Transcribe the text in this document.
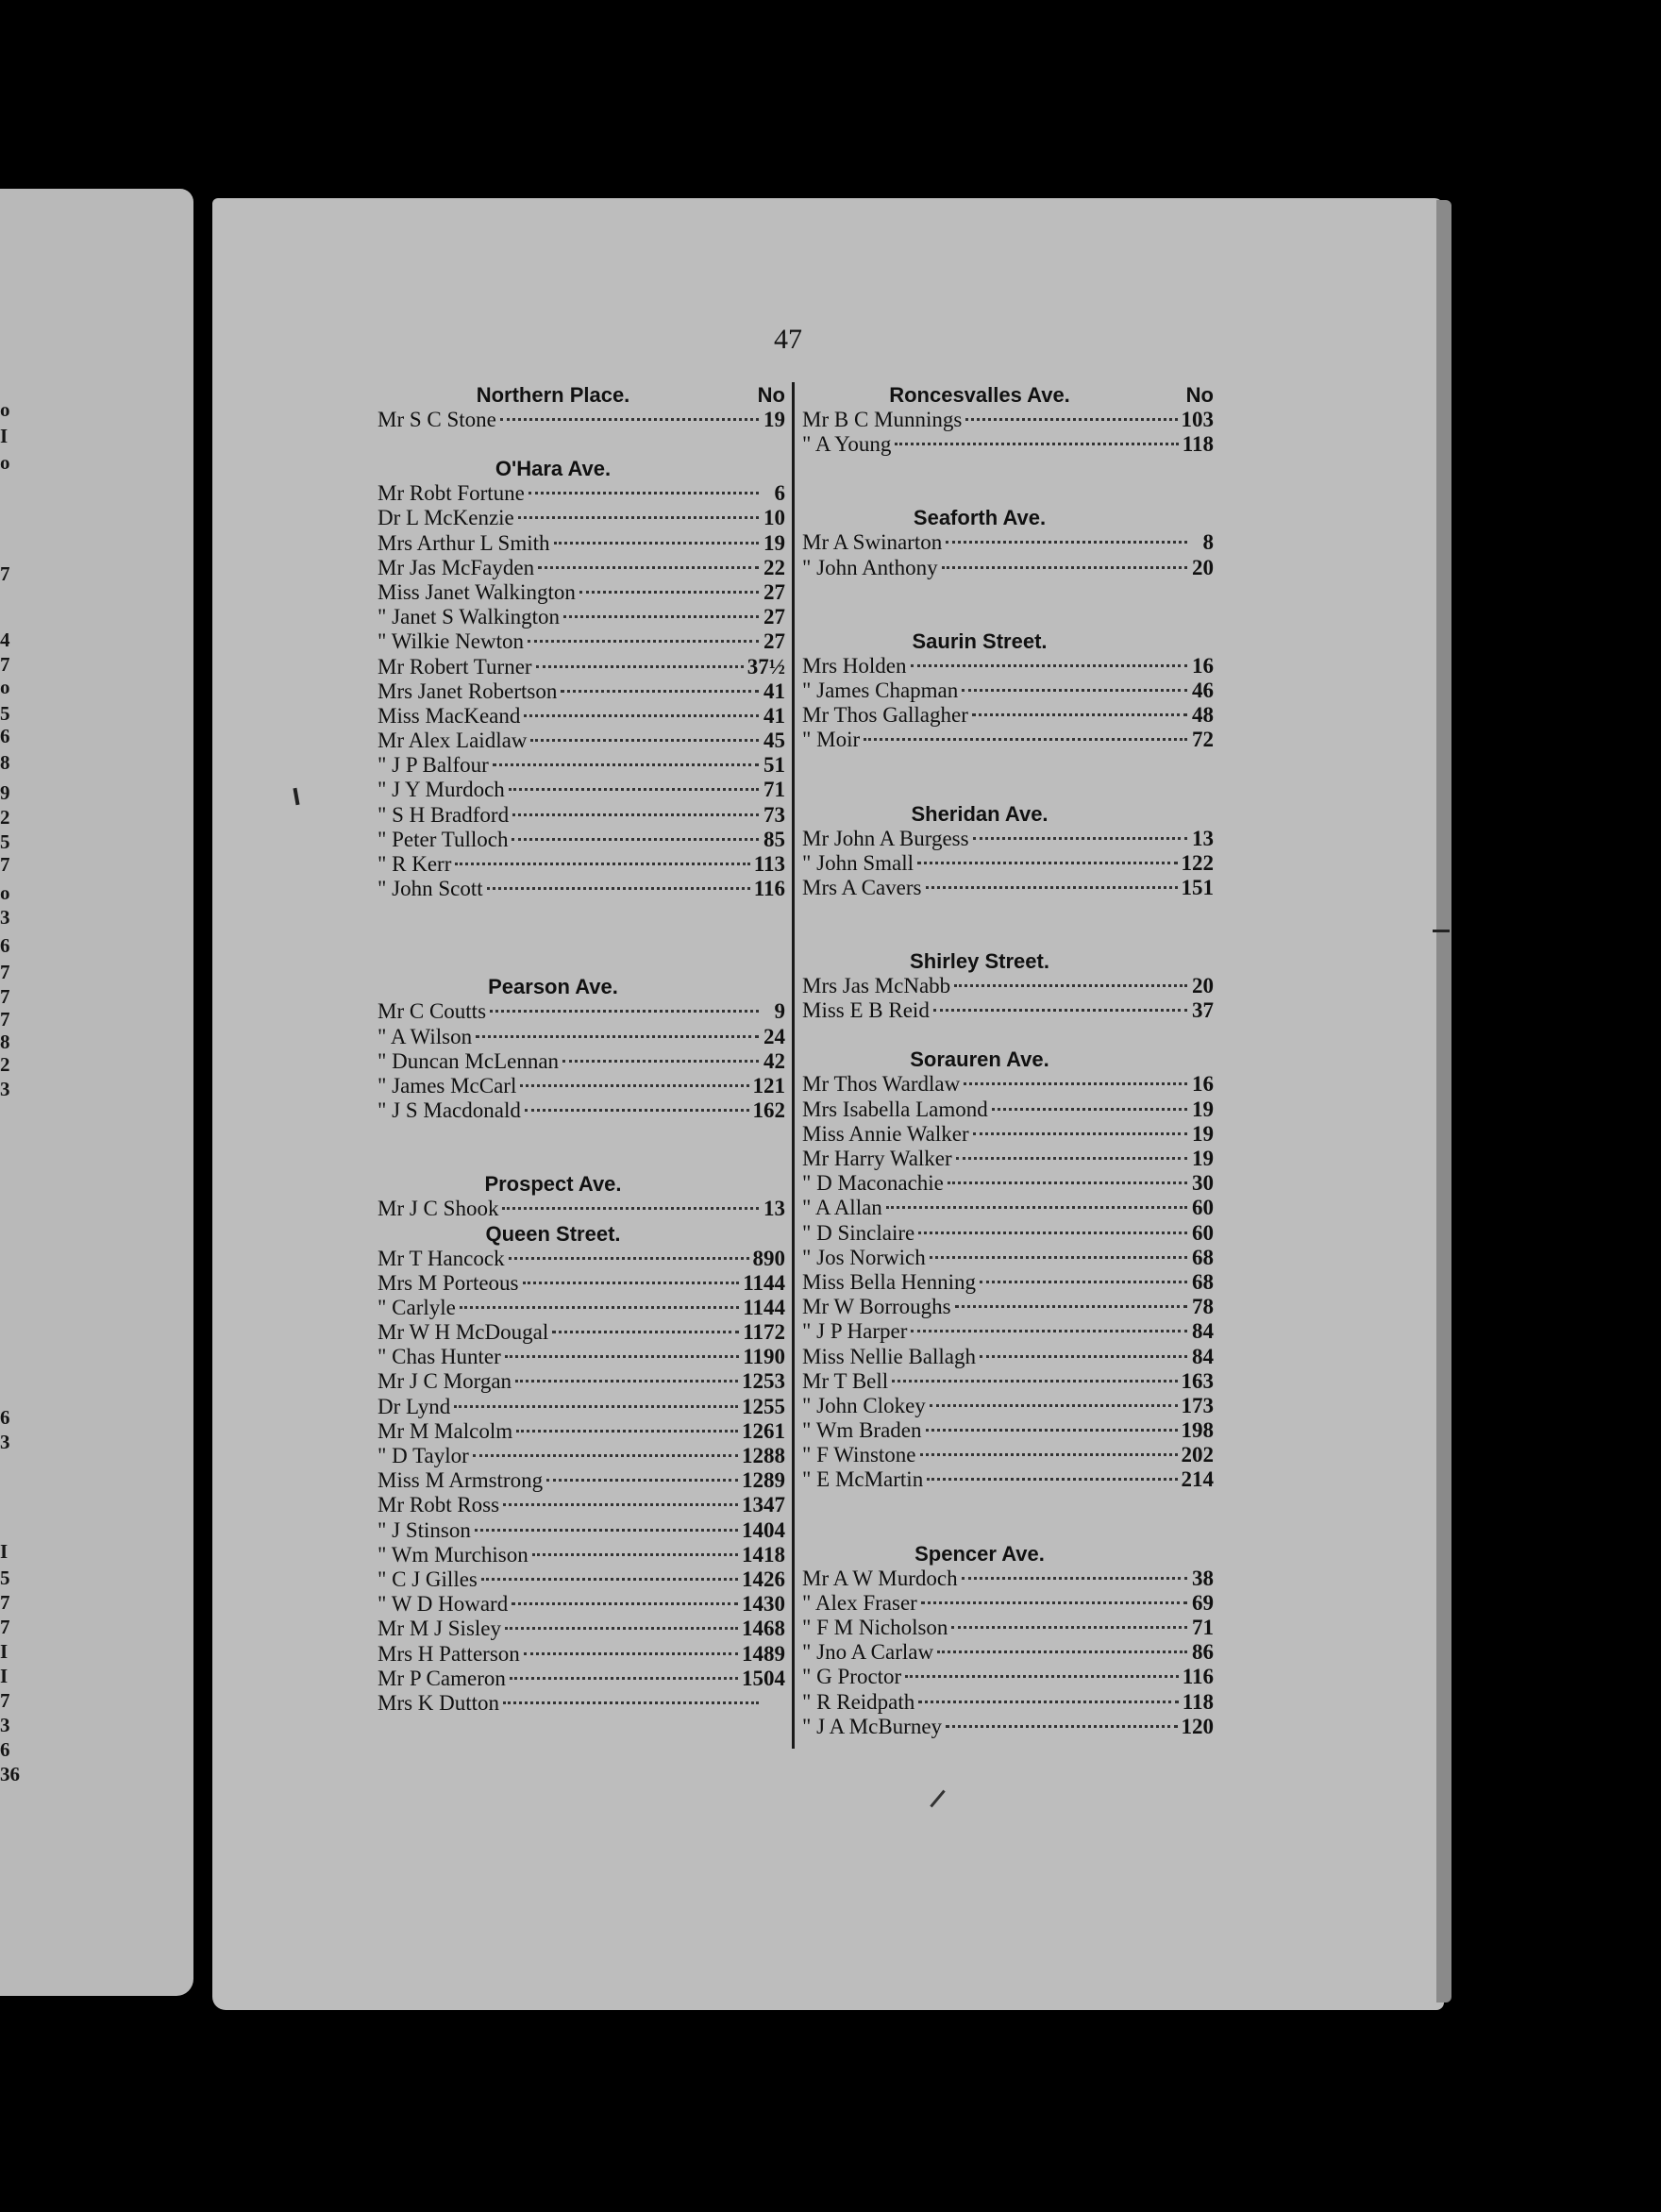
o
I
o
7
4
7
o
5
6
8
9
2
5
7
o
3
6
7
7
7
8
2
3
6
3
I
5
7
7
I
I
7
3
6
36
47
Northern Place.	No
Mr S C Stone	19
O'Hara Ave.
Mr Robt Fortune	6
Dr L McKenzie	10
Mrs Arthur L Smith	19
Mr Jas McFayden	22
Miss Janet Walkington	27
" Janet S Walkington	27
" Wilkie Newton	27
Mr Robert Turner	37½
Mrs Janet Robertson	41
Miss MacKeand	41
Mr Alex Laidlaw	45
" J P Balfour	51
" J Y Murdoch	71
" S H Bradford	73
" Peter Tulloch	85
" R Kerr	113
" John Scott	116
Pearson Ave.
Mr C Coutts	9
" A Wilson	24
" Duncan McLennan	42
" James McCarl	121
" J S Macdonald	162
Prospect Ave.
Mr J C Shook	13
Queen Street.
Mr T Hancock	890
Mrs M Porteous	1144
" Carlyle	1144
Mr W H McDougal	1172
" Chas Hunter	1190
Mr J C Morgan	1253
Dr Lynd	1255
Mr M Malcolm	1261
" D Taylor	1288
Miss M Armstrong	1289
Mr Robt Ross	1347
" J Stinson	1404
" Wm Murchison	1418
" C J Gilles	1426
" W D Howard	1430
Mr M J Sisley	1468
Mrs H Patterson	1489
Mr P Cameron	1504
Mrs K Dutton
Roncesvalles Ave.	No
Mr B C Munnings	103
" A Young	118
Seaforth Ave.
Mr A Swinarton	8
" John Anthony	20
Saurin Street.
Mrs Holden	16
" James Chapman	46
Mr Thos Gallagher	48
" Moir	72
Sheridan Ave.
Mr John A Burgess	13
" John Small	122
Mrs A Cavers	151
Shirley Street.
Mrs Jas McNabb	20
Miss E B Reid	37
Sorauren Ave.
Mr Thos Wardlaw	16
Mrs Isabella Lamond	19
Miss Annie Walker	19
Mr Harry Walker	19
" D Maconachie	30
" A Allan	60
" D Sinclaire	60
" Jos Norwich	68
Miss Bella Henning	68
Mr W Borroughs	78
" J P Harper	84
Miss Nellie Ballagh	84
Mr T Bell	163
" John Clokey	173
" Wm Braden	198
" F Winstone	202
" E McMartin	214
Spencer Ave.
Mr A W Murdoch	38
" Alex Fraser	69
" F M Nicholson	71
" Jno A Carlaw	86
" G Proctor	116
" R Reidpath	118
" J A McBurney	120
